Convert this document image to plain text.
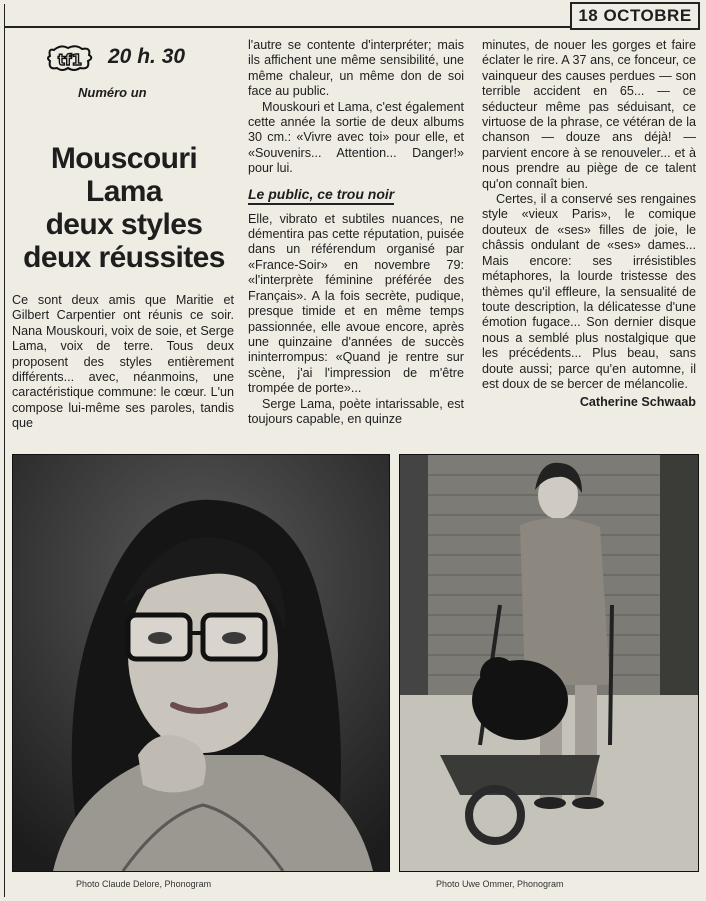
18 OCTOBRE
tf1 20 h. 30
Numéro un
Mouscouri
Lama
deux styles
deux réussites

Ce sont deux amis que Maritie et Gilbert Carpentier ont réunis ce soir. Nana Mouskouri, voix de soie, et Serge Lama, voix de terre. Tous deux proposent des styles entièrement différents... avec, néanmoins, une caractéristique commune: le cœur. L'un compose lui-même ses paroles, tandis que

l'autre se contente d'interpréter; mais ils affichent une même sensibilité, une même chaleur, un même don de soi face au public.

Mouskouri et Lama, c'est également cette année la sortie de deux albums 30 cm.: «Vivre avec toi» pour elle, et «Souvenirs... Attention... Danger!» pour lui.

Le public, ce trou noir

Elle, vibrato et subtiles nuances, ne démentira pas cette réputation, puisée dans un référendum organisé par «France-Soir» en novembre 79: «l'interprète féminine préférée des Français». A la fois secrète, pudique, presque timide et en même temps passionnée, elle avoue encore, après une quinzaine d'années de succès ininterrompus: «Quand je rentre sur scène, j'ai l'impression de m'être trompée de porte»...

Serge Lama, poète intarissable, est toujours capable, en quinze

minutes, de nouer les gorges et faire éclater le rire. A 37 ans, ce fonceur, ce vainqueur des causes perdues — son terrible accident en 65... — ce séducteur même pas séduisant, ce virtuose de la phrase, ce vétéran de la chanson — douze ans déjà! — parvient encore à se renouveler... et à nous prendre au piège de ce talent qu'on connaît bien.

Certes, il a conservé ses rengaines style «vieux Paris», le comique douteux de «ses» filles de joie, le châssis ondulant de «ses» dames... Mais encore: ses irrésistibles métaphores, la lourde tristesse des thèmes qu'il effleure, la sensualité de toute description, la délicatesse d'une émotion fugace... Son dernier disque nous a semblé plus nostalgique que les précédents... Plus beau, sans doute aussi; parce qu'en automne, il est doux de se bercer de mélancolie.

Catherine Schwaab
Photo Claude Delore, Phonogram	Photo Uwe Ommer, Phonogram
